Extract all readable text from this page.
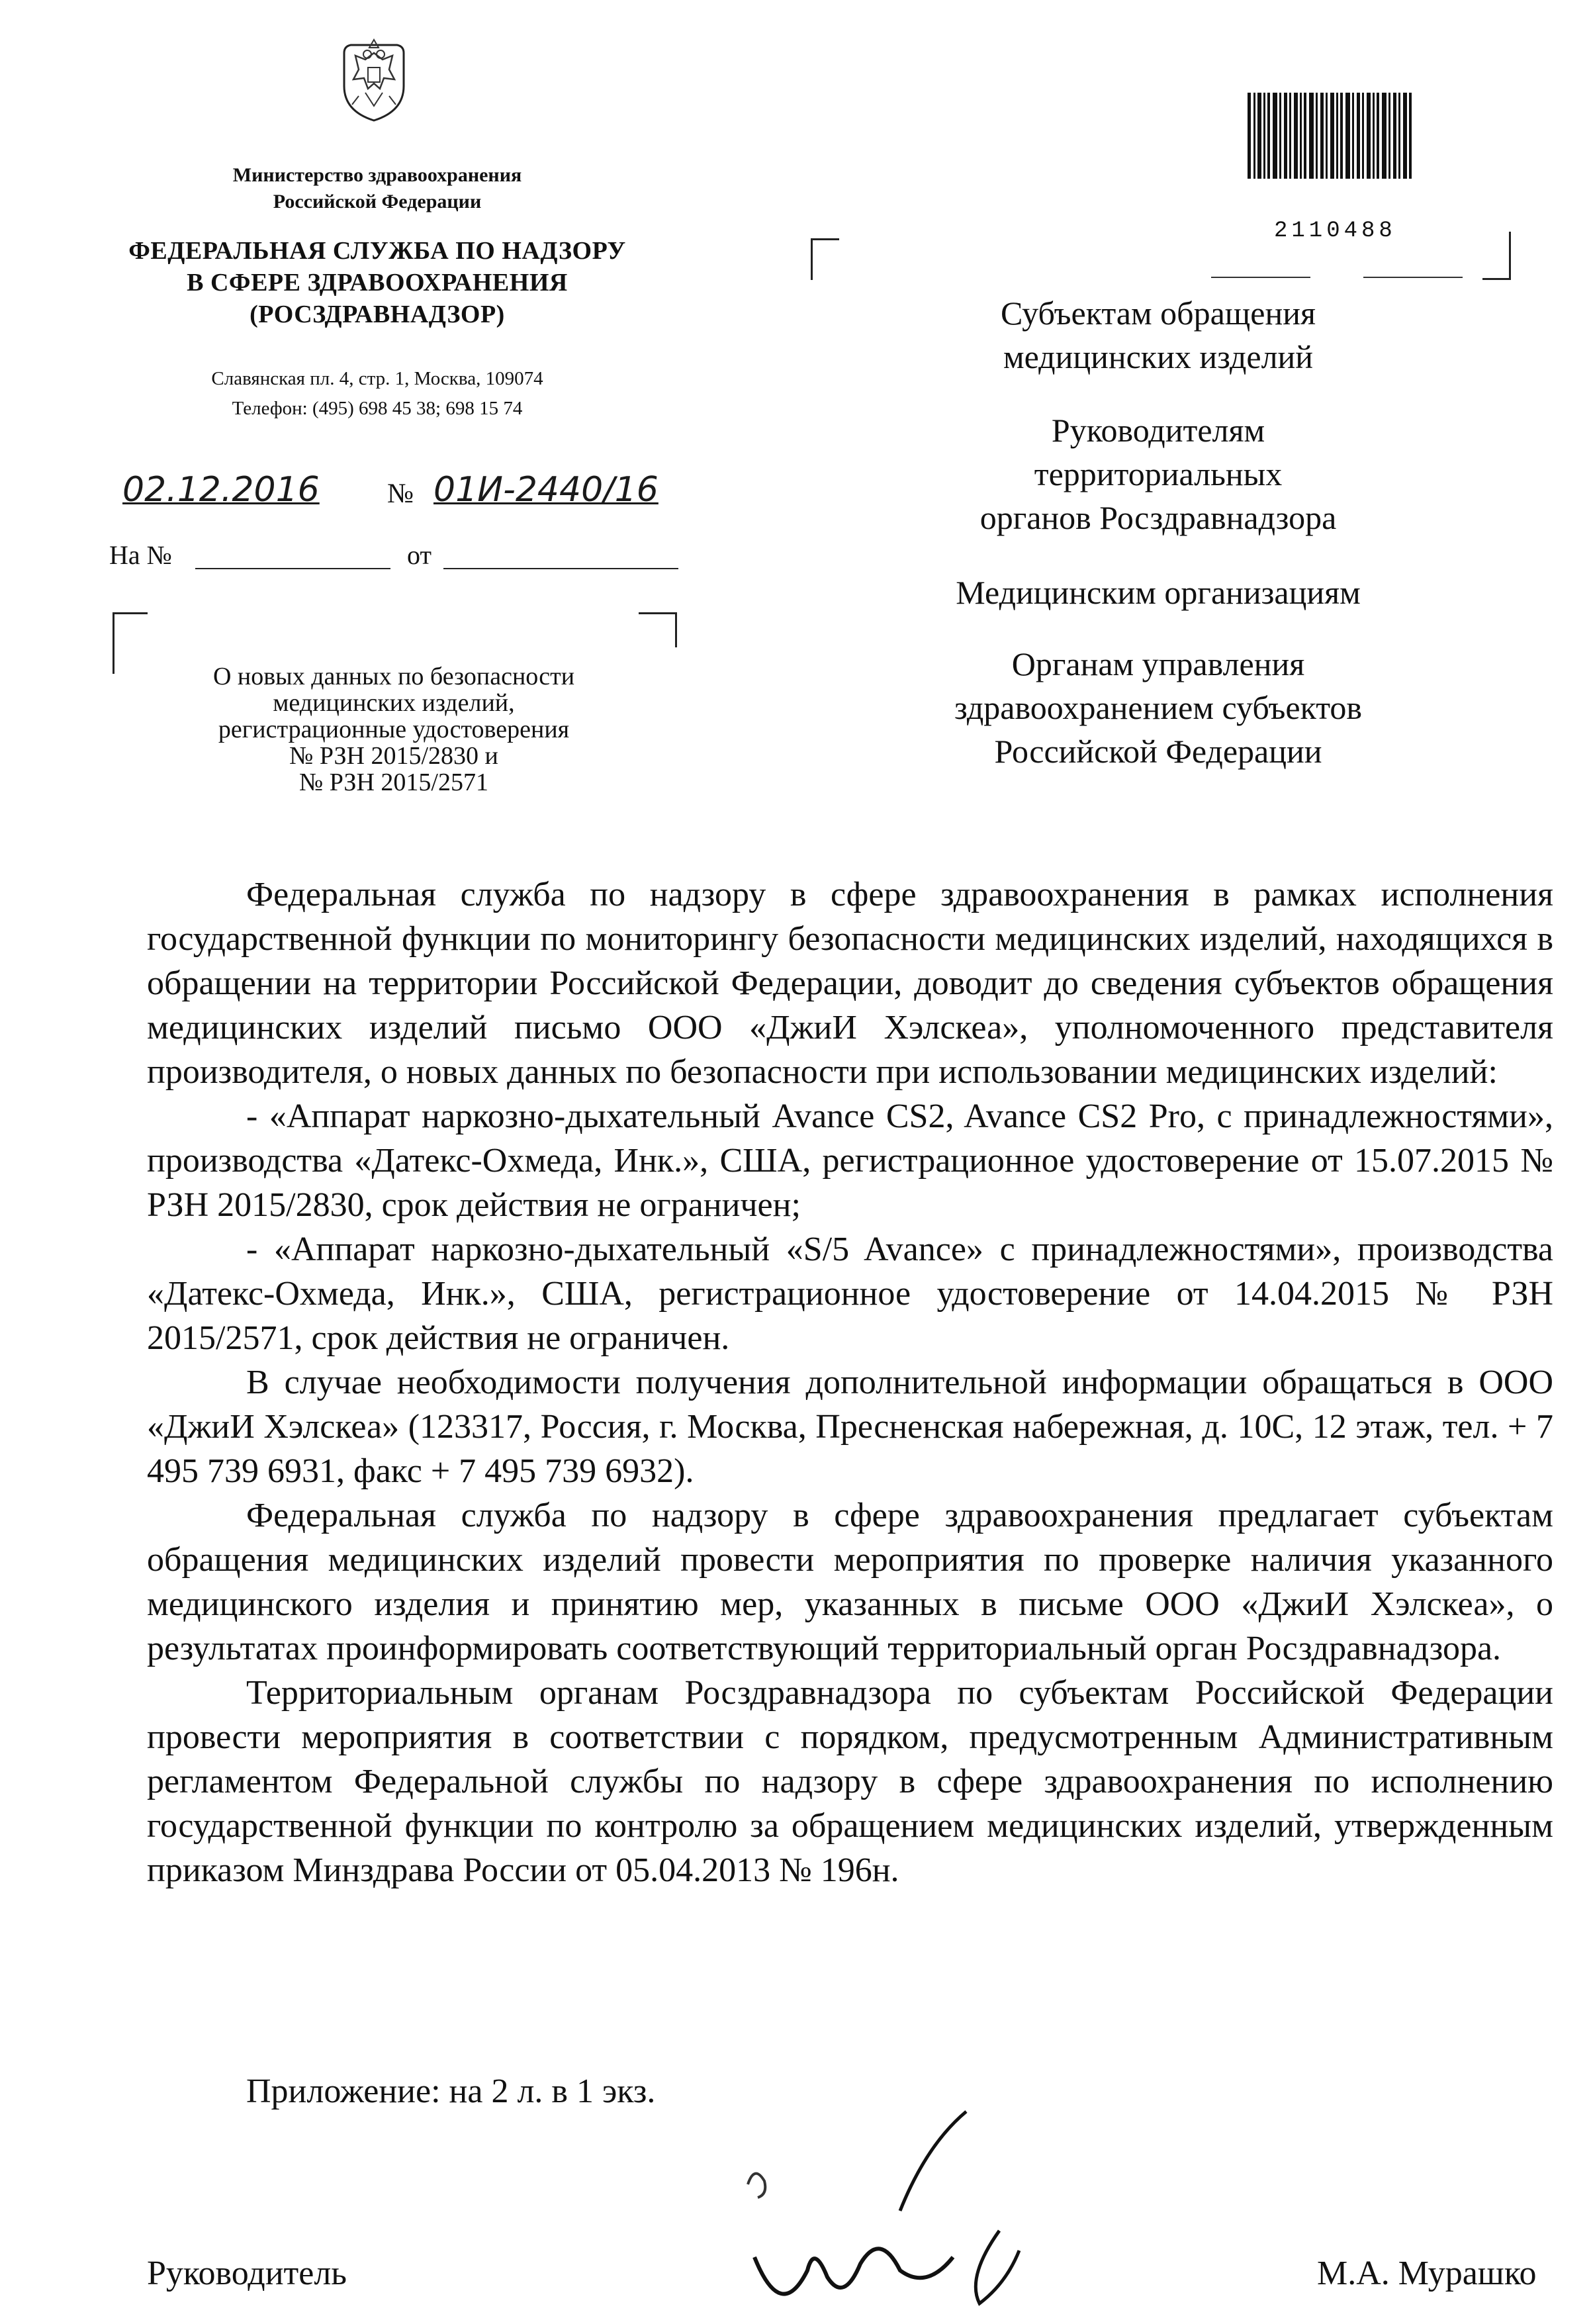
Министерство здравоохранения
Российской Федерации
ФЕДЕРАЛЬНАЯ СЛУЖБА ПО НАДЗОРУ
В СФЕРЕ ЗДРАВООХРАНЕНИЯ
(РОСЗДРАВНАДЗОР)
Славянская пл. 4, стр. 1, Москва, 109074
Телефон: (495) 698 45 38; 698 15 74
02.12.2016 № 01И-2440/16
На №	от
О новых данных по безопасности
медицинских изделий,
регистрационные удостоверения
№ РЗН 2015/2830 и
№ РЗН 2015/2571
2110488
Субъектам обращения
медицинских изделий
Руководителям
территориальных
органов Росздравнадзора
Медицинским организациям
Органам управления
здравоохранением субъектов
Российской Федерации

Федеральная служба по надзору в сфере здравоохранения в рамках исполнения государственной функции по мониторингу безопасности медицинских изделий, находящихся в обращении на территории Российской Федерации, доводит до сведения субъектов обращения медицинских изделий письмо ООО «ДжиИ Хэлскеа», уполномоченного представителя производителя, о новых данных по безопасности при использовании медицинских изделий:

- «Аппарат наркозно-дыхательный Avance CS2, Avance CS2 Pro, с принадлежностями», производства «Датекс-Охмеда, Инк.», США, регистрационное удостоверение от 15.07.2015 № РЗН 2015/2830, срок действия не ограничен;

- «Аппарат наркозно-дыхательный «S/5 Avance» с принадлежностями», производства «Датекс-Охмеда, Инк.», США, регистрационное удостоверение от 14.04.2015 № РЗН 2015/2571, срок действия не ограничен.

В случае необходимости получения дополнительной информации обращаться в ООО «ДжиИ Хэлскеа» (123317, Россия, г. Москва, Пресненская набережная, д. 10С, 12 этаж, тел. + 7 495 739 6931, факс + 7 495 739 6932).

Федеральная служба по надзору в сфере здравоохранения предлагает субъектам обращения медицинских изделий провести мероприятия по проверке наличия указанного медицинского изделия и принятию мер, указанных в письме ООО «ДжиИ Хэлскеа», о результатах проинформировать соответствующий территориальный орган Росздравнадзора.

Территориальным органам Росздравнадзора по субъектам Российской Федерации провести мероприятия в соответствии с порядком, предусмотренным Административным регламентом Федеральной службы по надзору в сфере здравоохранения по исполнению государственной функции по контролю за обращением медицинских изделий, утвержденным приказом Минздрава России от 05.04.2013 № 196н.

Приложение: на 2 л. в 1 экз.
Руководитель	М.А. Мурашко
